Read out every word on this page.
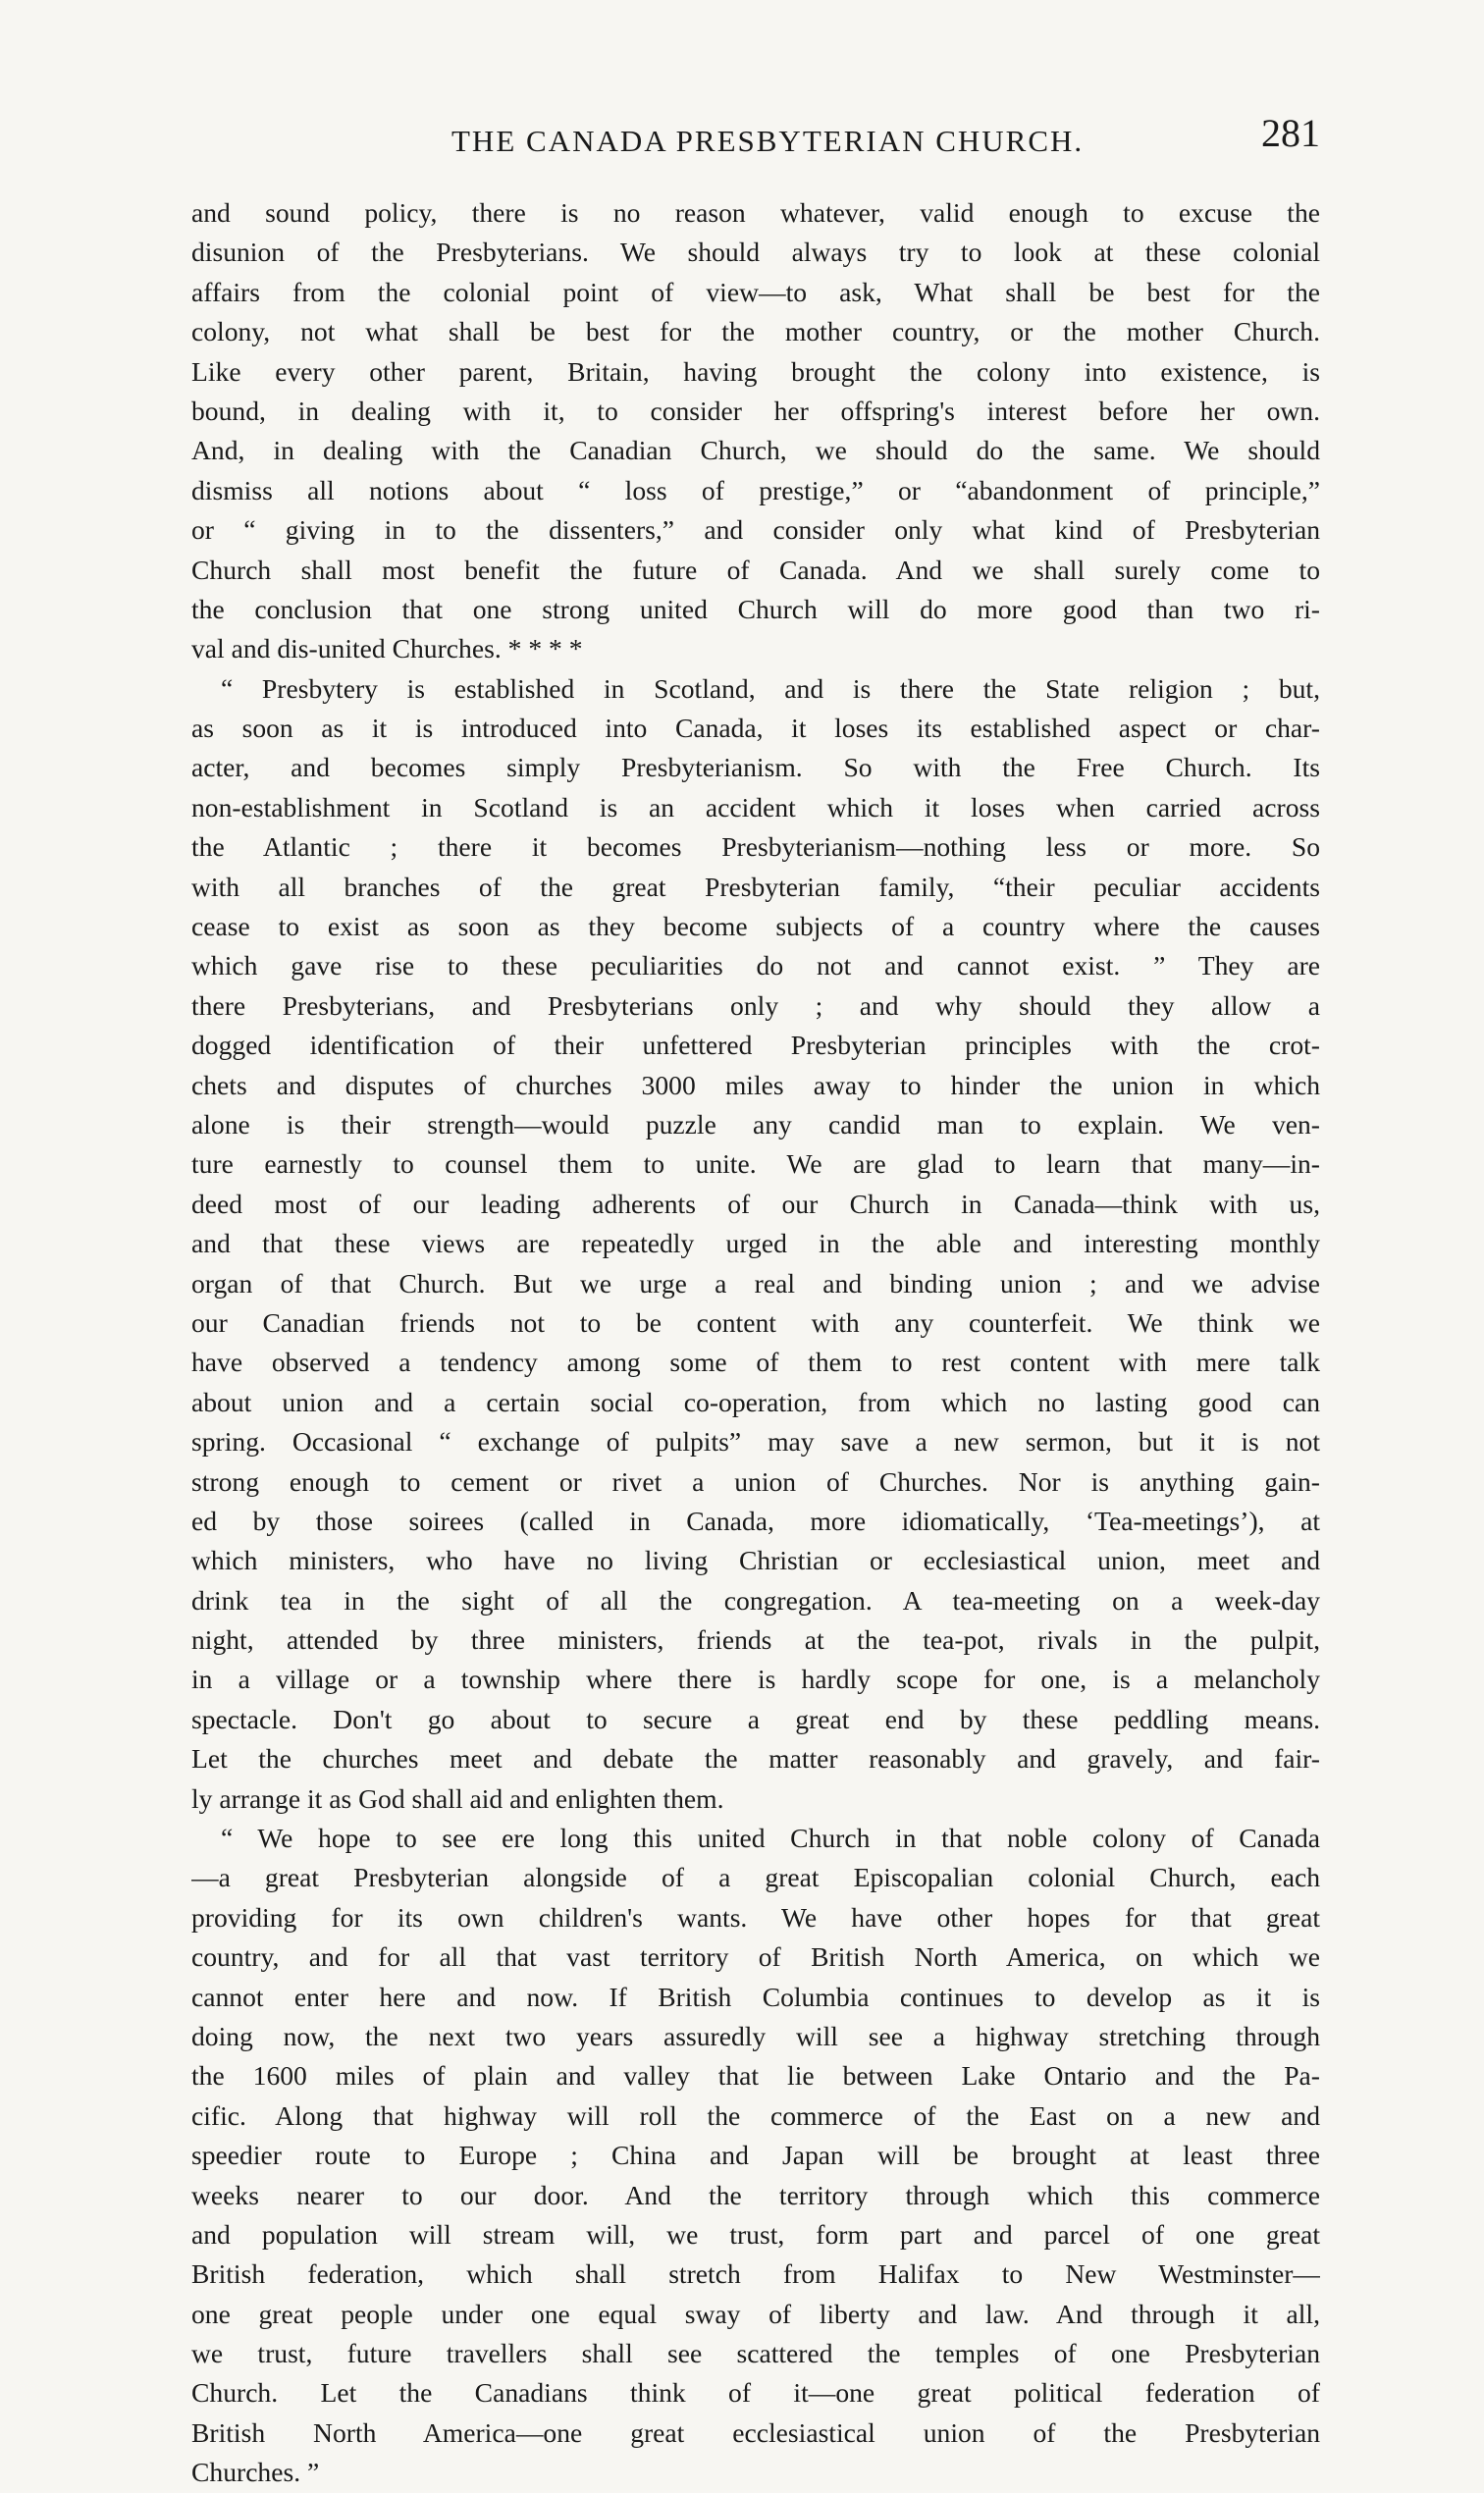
THE CANADA PRESBYTERIAN CHURCH.	281
and sound policy, there is no reason whatever, valid enough to excuse the
disunion of the Presbyterians. We should always try to look at these colonial
affairs from the colonial point of view—to ask, What shall be best for the
colony, not what shall be best for the mother country, or the mother Church.
Like every other parent, Britain, having brought the colony into existence, is
bound, in dealing with it, to consider her offspring's interest before her own.
And, in dealing with the Canadian Church, we should do the same. We should
dismiss all notions about “ loss of prestige,” or “abandonment of principle,”
or “ giving in to the dissenters,” and consider only what kind of Presbyterian
Church shall most benefit the future of Canada. And we shall surely come to
the conclusion that one strong united Church will do more good than two ri-
val and dis-united Churches. * * * *
“ Presbytery is established in Scotland, and is there the State religion ; but,
as soon as it is introduced into Canada, it loses its established aspect or char-
acter, and becomes simply Presbyterianism. So with the Free Church. Its
non-establishment in Scotland is an accident which it loses when carried across
the Atlantic ; there it becomes Presbyterianism—nothing less or more. So
with all branches of the great Presbyterian family, “their peculiar accidents
cease to exist as soon as they become subjects of a country where the causes
which gave rise to these peculiarities do not and cannot exist. ” They are
there Presbyterians, and Presbyterians only ; and why should they allow a
dogged identification of their unfettered Presbyterian principles with the crot-
chets and disputes of churches 3000 miles away to hinder the union in which
alone is their strength—would puzzle any candid man to explain. We ven-
ture earnestly to counsel them to unite. We are glad to learn that many—in-
deed most of our leading adherents of our Church in Canada—think with us,
and that these views are repeatedly urged in the able and interesting monthly
organ of that Church. But we urge a real and binding union ; and we advise
our Canadian friends not to be content with any counterfeit. We think we
have observed a tendency among some of them to rest content with mere talk
about union and a certain social co-operation, from which no lasting good can
spring. Occasional “ exchange of pulpits” may save a new sermon, but it is not
strong enough to cement or rivet a union of Churches. Nor is anything gain-
ed by those soirees (called in Canada, more idiomatically, ‘Tea-meetings’), at
which ministers, who have no living Christian or ecclesiastical union, meet and
drink tea in the sight of all the congregation. A tea-meeting on a week-day
night, attended by three ministers, friends at the tea-pot, rivals in the pulpit,
in a village or a township where there is hardly scope for one, is a melancholy
spectacle. Don't go about to secure a great end by these peddling means.
Let the churches meet and debate the matter reasonably and gravely, and fair-
ly arrange it as God shall aid and enlighten them.
“ We hope to see ere long this united Church in that noble colony of Canada
—a great Presbyterian alongside of a great Episcopalian colonial Church, each
providing for its own children's wants. We have other hopes for that great
country, and for all that vast territory of British North America, on which we
cannot enter here and now. If British Columbia continues to develop as it is
doing now, the next two years assuredly will see a highway stretching through
the 1600 miles of plain and valley that lie between Lake Ontario and the Pa-
cific. Along that highway will roll the commerce of the East on a new and
speedier route to Europe ; China and Japan will be brought at least three
weeks nearer to our door. And the territory through which this commerce
and population will stream will, we trust, form part and parcel of one great
British federation, which shall stretch from Halifax to New Westminster—
one great people under one equal sway of liberty and law. And through it all,
we trust, future travellers shall see scattered the temples of one Presbyterian
Church. Let the Canadians think of it—one great political federation of
British North America—one great ecclesiastical union of the Presbyterian
Churches. ”
